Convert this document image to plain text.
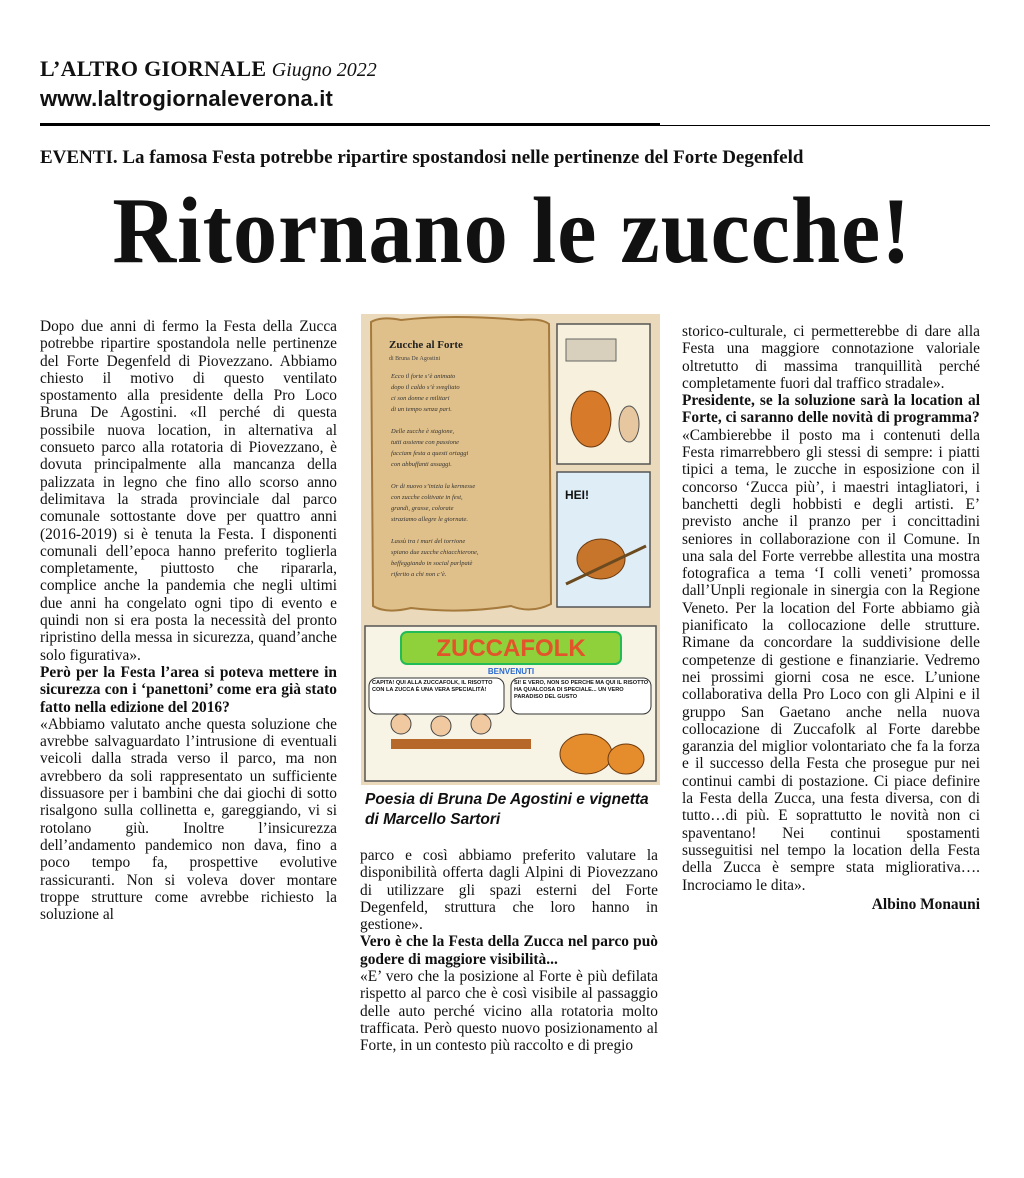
L’ALTRO GIORNALE Giugno 2022
www.laltrogiornaleverona.it
EVENTI. La famosa Festa potrebbe ripartire spostandosi nelle pertinenze del Forte Degenfeld
Ritornano le zucche!

Dopo due anni di fermo la Festa della Zucca potrebbe ripartire spostandola nelle pertinenze del Forte Degenfeld di Piovezzano. Abbiamo chiesto il motivo di questo ventilato spostamento alla presidente della Pro Loco Bruna De Agostini. «Il perché di questa possibile nuova location, in alternativa al consueto parco alla rotatoria di Piovezzano, è dovuta principalmente alla mancanza della palizzata in legno che fino allo scorso anno delimitava la strada provinciale dal parco comunale sottostante dove per quattro anni (2016-2019) si è tenuta la Festa. I disponenti comunali dell’epoca hanno preferito toglierla completamente, piuttosto che ripararla, complice anche la pandemia che negli ultimi due anni ha congelato ogni tipo di evento e quindi non si era posta la necessità del pronto ripristino della messa in sicurezza, quand’anche solo figurativa».

Però per la Festa l’area si poteva mettere in sicurezza con i ‘panettoni’ come era già stato fatto nella edizione del 2016?

«Abbiamo valutato anche questa soluzione che avrebbe salvaguardato l’intrusione di eventuali veicoli dalla strada verso il parco, ma non avrebbero da soli rappresentato un sufficiente dissuasore per i bambini che dai giochi di sotto risalgono sulla collinetta e, gareggiando, vi si rotolano giù. Inoltre l’insicurezza dell’andamento pandemico non dava, fino a poco tempo fa, prospettive evolutive rassicuranti. Non si voleva dover montare troppe strutture come avrebbe richiesto la soluzione al

Zucche al Forte
di Bruna De Agostini
Ecco il forte s’è animato
dopo il caldo s’è svegliato
ci son donne e militari
di un tempo senza pari.
Delle zucche è stagione,
tutti assieme con passione
facciam festa a questi ortaggi
con abbuffanti assaggi.
Or di nuovo s’inizia la kermesse
con zucche coltivate in fest,
grandi, grasse, colorate
straziamo allegre le giornate.
Lassù tra i muri del torrione
spiano due zucche chiacchierone,
beffeggiando in social parlpatè
riferito a chi non c’è.
HEI!
ZUCCAFOLK
BENVENUTI
CAPITA! QUI ALLA ZUCCAFOLK, IL RISOTTO CON LA ZUCCA È UNA VERA SPECIALITÀ!
SÌ! È VERO, NON SO PERCHÉ MA QUI IL RISOTTO HA QUALCOSA DI SPECIALE... UN VERO PARADISO DEL GUSTO
Poesia di Bruna De Agostini e vignetta di Marcello Sartori

parco e così abbiamo preferito valutare la disponibilità offerta dagli Alpini di Piovezzano di utilizzare gli spazi esterni del Forte Degenfeld, struttura che loro hanno in gestione».

Vero è che la Festa della Zucca nel parco può godere di maggiore visibilità...

«E’ vero che la posizione al Forte è più defilata rispetto al parco che è così visibile al passaggio delle auto perché vicino alla rotatoria molto trafficata. Però questo nuovo posizionamento al Forte, in un contesto più raccolto e di pregio

storico-culturale, ci permetterebbe di dare alla Festa una maggiore connotazione valoriale oltretutto di massima tranquillità perché completamente fuori dal traffico stradale».

Presidente, se la soluzione sarà la location al Forte, ci saranno delle novità di programma?

«Cambierebbe il posto ma i contenuti della Festa rimarrebbero gli stessi di sempre: i piatti tipici a tema, le zucche in esposizione con il concorso ‘Zucca più’, i maestri intagliatori, i banchetti degli hobbisti e degli artisti. E’ previsto anche il pranzo per i concittadini seniores in collaborazione con il Comune. In una sala del Forte verrebbe allestita una mostra fotografica a tema ‘I colli veneti’ promossa dall’Unpli regionale in sinergia con la Regione Veneto. Per la location del Forte abbiamo già pianificato la collocazione delle strutture. Rimane da concordare la suddivisione delle competenze di gestione e finanziarie. Vedremo nei prossimi giorni cosa ne esce. L’unione collaborativa della Pro Loco con gli Alpini e il gruppo San Gaetano anche nella nuova collocazione di Zuccafolk al Forte darebbe garanzia del miglior volontariato che fa la forza e il successo della Festa che prosegue pur nei continui cambi di postazione. Ci piace definire la Festa della Zucca, una festa diversa, con di tutto…di più. E soprattutto le novità non ci spaventano! Nei continui spostamenti susseguitisi nel tempo la location della Festa della Zucca è sempre stata migliorativa…. Incrociamo le dita».

Albino Monauni
